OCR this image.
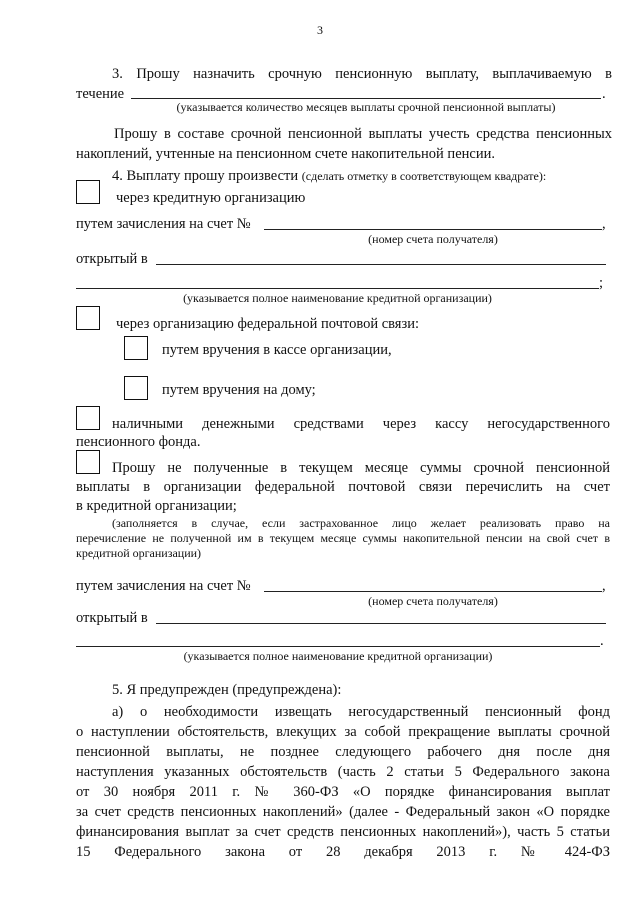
3
3. Прошу назначить срочную пенсионную выплату, выплачиваемую в
течение	.
(указывается количество месяцев выплаты срочной пенсионной выплаты)
Прошу в составе срочной пенсионной выплаты учесть средства пенсионных
накоплений, учтенные на пенсионном счете накопительной пенсии.
4. Выплату прошу произвести (сделать отметку в соответствующем квадрате):
через кредитную организацию
путем зачисления на счет №	,
(номер счета получателя)
открытый в
;
(указывается полное наименование кредитной организации)
через организацию федеральной почтовой связи:
путем вручения в кассе организации,
путем вручения на дому;
наличными денежными средствами через кассу негосударственного
пенсионного фонда.
Прошу не полученные в текущем месяце суммы срочной пенсионной
выплаты в организации федеральной почтовой связи перечислить на счет
в кредитной организации;
(заполняется в случае, если застрахованное лицо желает реализовать право на
перечисление не полученной им в текущем месяце суммы накопительной пенсии на свой счет в
кредитной организации)
путем зачисления на счет №	,
(номер счета получателя)
открытый в
.
(указывается полное наименование кредитной организации)
5. Я предупрежден (предупреждена):
а) о необходимости извещать негосударственный пенсионный фонд
о наступлении обстоятельств, влекущих за собой прекращение выплаты срочной
пенсионной выплаты, не позднее следующего рабочего дня после дня
наступления указанных обстоятельств (часть 2 статьи 5 Федерального закона
от 30 ноября 2011 г. № 360-ФЗ «О порядке финансирования выплат
за счет средств пенсионных накоплений» (далее - Федеральный закон «О порядке
финансирования выплат за счет средств пенсионных накоплений»), часть 5 статьи
15 Федерального закона от 28 декабря 2013 г. № 424-ФЗ
